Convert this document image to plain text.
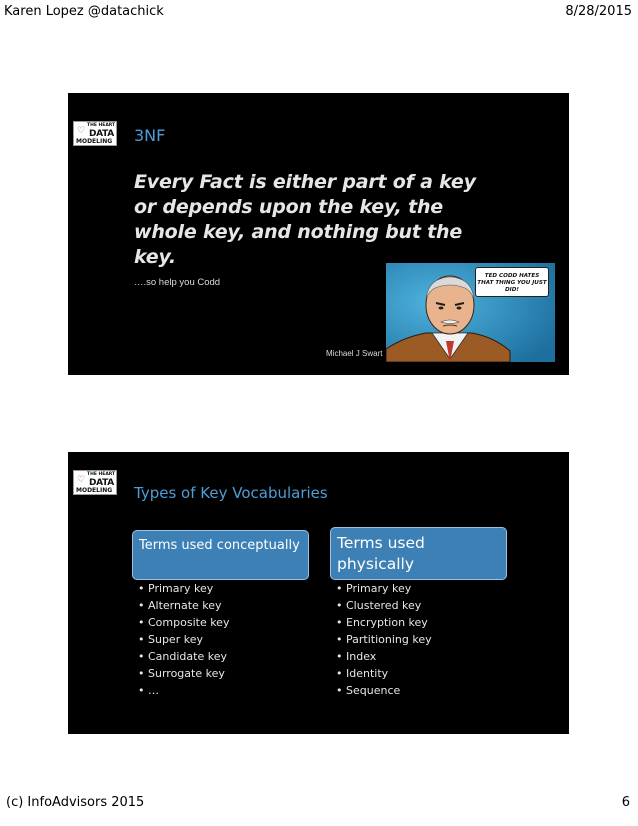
Karen Lopez @datachick	8/28/2015
♡
THE HEART
DATA
MODELING 3NF
Every Fact is either part of a key or depends upon the key, the whole key, and nothing but the key.
….so help you Codd
Michael J Swart
TED CODD HATES THAT THING YOU JUST DID!
♡
THE HEART
DATA
MODELING Types of Key Vocabularies
Terms used conceptually	Terms used physically
• Primary key
• Alternate key
• Composite key
• Super key
• Candidate key
• Surrogate key
• …
• Primary key
• Clustered key
• Encryption key
• Partitioning key
• Index
• Identity
• Sequence
(c) InfoAdvisors 2015	6
